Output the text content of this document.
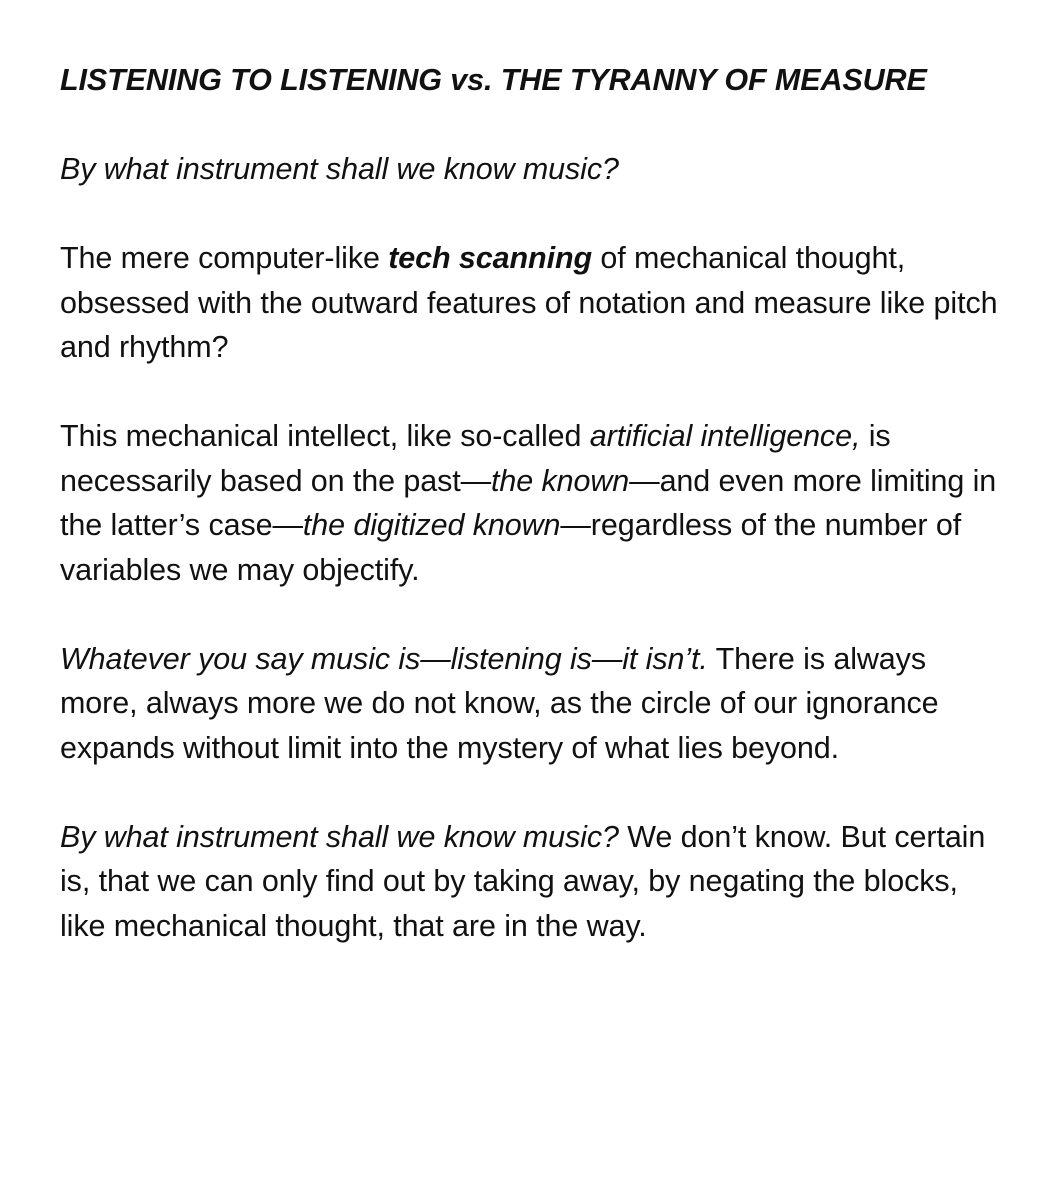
LISTENING TO LISTENING vs. THE TYRANNY OF MEASURE

By what instrument shall we know music?

The mere computer-like tech scanning of mechanical thought, obsessed with the outward features of notation and measure like pitch and rhythm?

This mechanical intellect, like so-called artificial intelligence, is necessarily based on the past—the known—and even more limiting in the latter’s case—the digitized known—regardless of the number of variables we may objectify.

Whatever you say music is—listening is—it isn’t. There is always more, always more we do not know, as the circle of our ignorance expands without limit into the mystery of what lies beyond.

By what instrument shall we know music? We don’t know. But certain is, that we can only find out by taking away, by negating the blocks, like mechanical thought, that are in the way.
